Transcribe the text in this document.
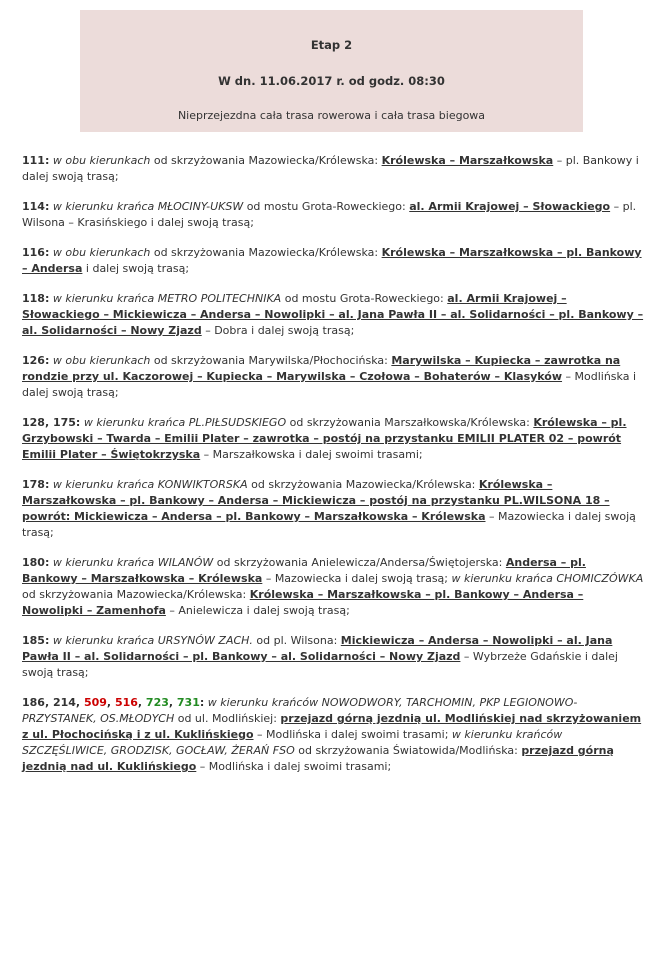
Etap 2
W dn. 11.06.2017 r. od godz. 08:30
Nieprzejezdna cała trasa rowerowa i cała trasa biegowa

111: w obu kierunkach od skrzyżowania Mazowiecka/Królewska: Królewska – Marszałkowska – pl. Bankowy i dalej swoją trasą;

114: w kierunku krańca MŁOCINY-UKSW od mostu Grota-Roweckiego: al. Armii Krajowej – Słowackiego – pl. Wilsona – Krasińskiego i dalej swoją trasą;

116: w obu kierunkach od skrzyżowania Mazowiecka/Królewska: Królewska – Marszałkowska – pl. Bankowy – Andersa i dalej swoją trasą;

118: w kierunku krańca METRO POLITECHNIKA od mostu Grota-Roweckiego: al. Armii Krajowej – Słowackiego – Mickiewicza – Andersa – Nowolipki – al. Jana Pawła II – al. Solidarności – pl. Bankowy – al. Solidarności – Nowy Zjazd – Dobra i dalej swoją trasą;

126: w obu kierunkach od skrzyżowania Marywilska/Płochocińska: Marywilska – Kupiecka – zawrotka na rondzie przy ul. Kaczorowej – Kupiecka – Marywilska – Czołowa – Bohaterów – Klasyków – Modlińska i dalej swoją trasą;

128, 175: w kierunku krańca PL.PIŁSUDSKIEGO od skrzyżowania Marszałkowska/Królewska: Królewska – pl. Grzybowski – Twarda – Emilii Plater – zawrotka – postój na przystanku EMILII PLATER 02 – powrót Emilii Plater – Świętokrzyska – Marszałkowska i dalej swoimi trasami;

178: w kierunku krańca KONWIKTORSKA od skrzyżowania Mazowiecka/Królewska: Królewska – Marszałkowska – pl. Bankowy – Andersa – Mickiewicza – postój na przystanku PL.WILSONA 18 – powrót: Mickiewicza – Andersa – pl. Bankowy – Marszałkowska – Królewska – Mazowiecka i dalej swoją trasą;

180: w kierunku krańca WILANÓW od skrzyżowania Anielewicza/Andersa/Świętojerska: Andersa – pl. Bankowy – Marszałkowska – Królewska – Mazowiecka i dalej swoją trasą; w kierunku krańca CHOMICZÓWKA od skrzyżowania Mazowiecka/Królewska: Królewska – Marszałkowska – pl. Bankowy – Andersa – Nowolipki – Zamenhofa – Anielewicza i dalej swoją trasą;

185: w kierunku krańca URSYNÓW ZACH. od pl. Wilsona: Mickiewicza – Andersa – Nowolipki – al. Jana Pawła II – al. Solidarności – pl. Bankowy – al. Solidarności – Nowy Zjazd – Wybrzeże Gdańskie i dalej swoją trasą;

186, 214, 509, 516, 723, 731: w kierunku krańców NOWODWORY, TARCHOMIN, PKP LEGIONOWO-PRZYSTANEK, OS.MŁODYCH od ul. Modlińskiej: przejazd górną jezdnią ul. Modlińskiej nad skrzyżowaniem z ul. Płochocińską i z ul. Kuklińskiego – Modlińska i dalej swoimi trasami; w kierunku krańców SZCZĘŚLIWICE, GRODZISK, GOCŁAW, ŻERAŃ FSO od skrzyżowania Światowida/Modlińska: przejazd górną jezdnią nad ul. Kuklińskiego – Modlińska i dalej swoimi trasami;
